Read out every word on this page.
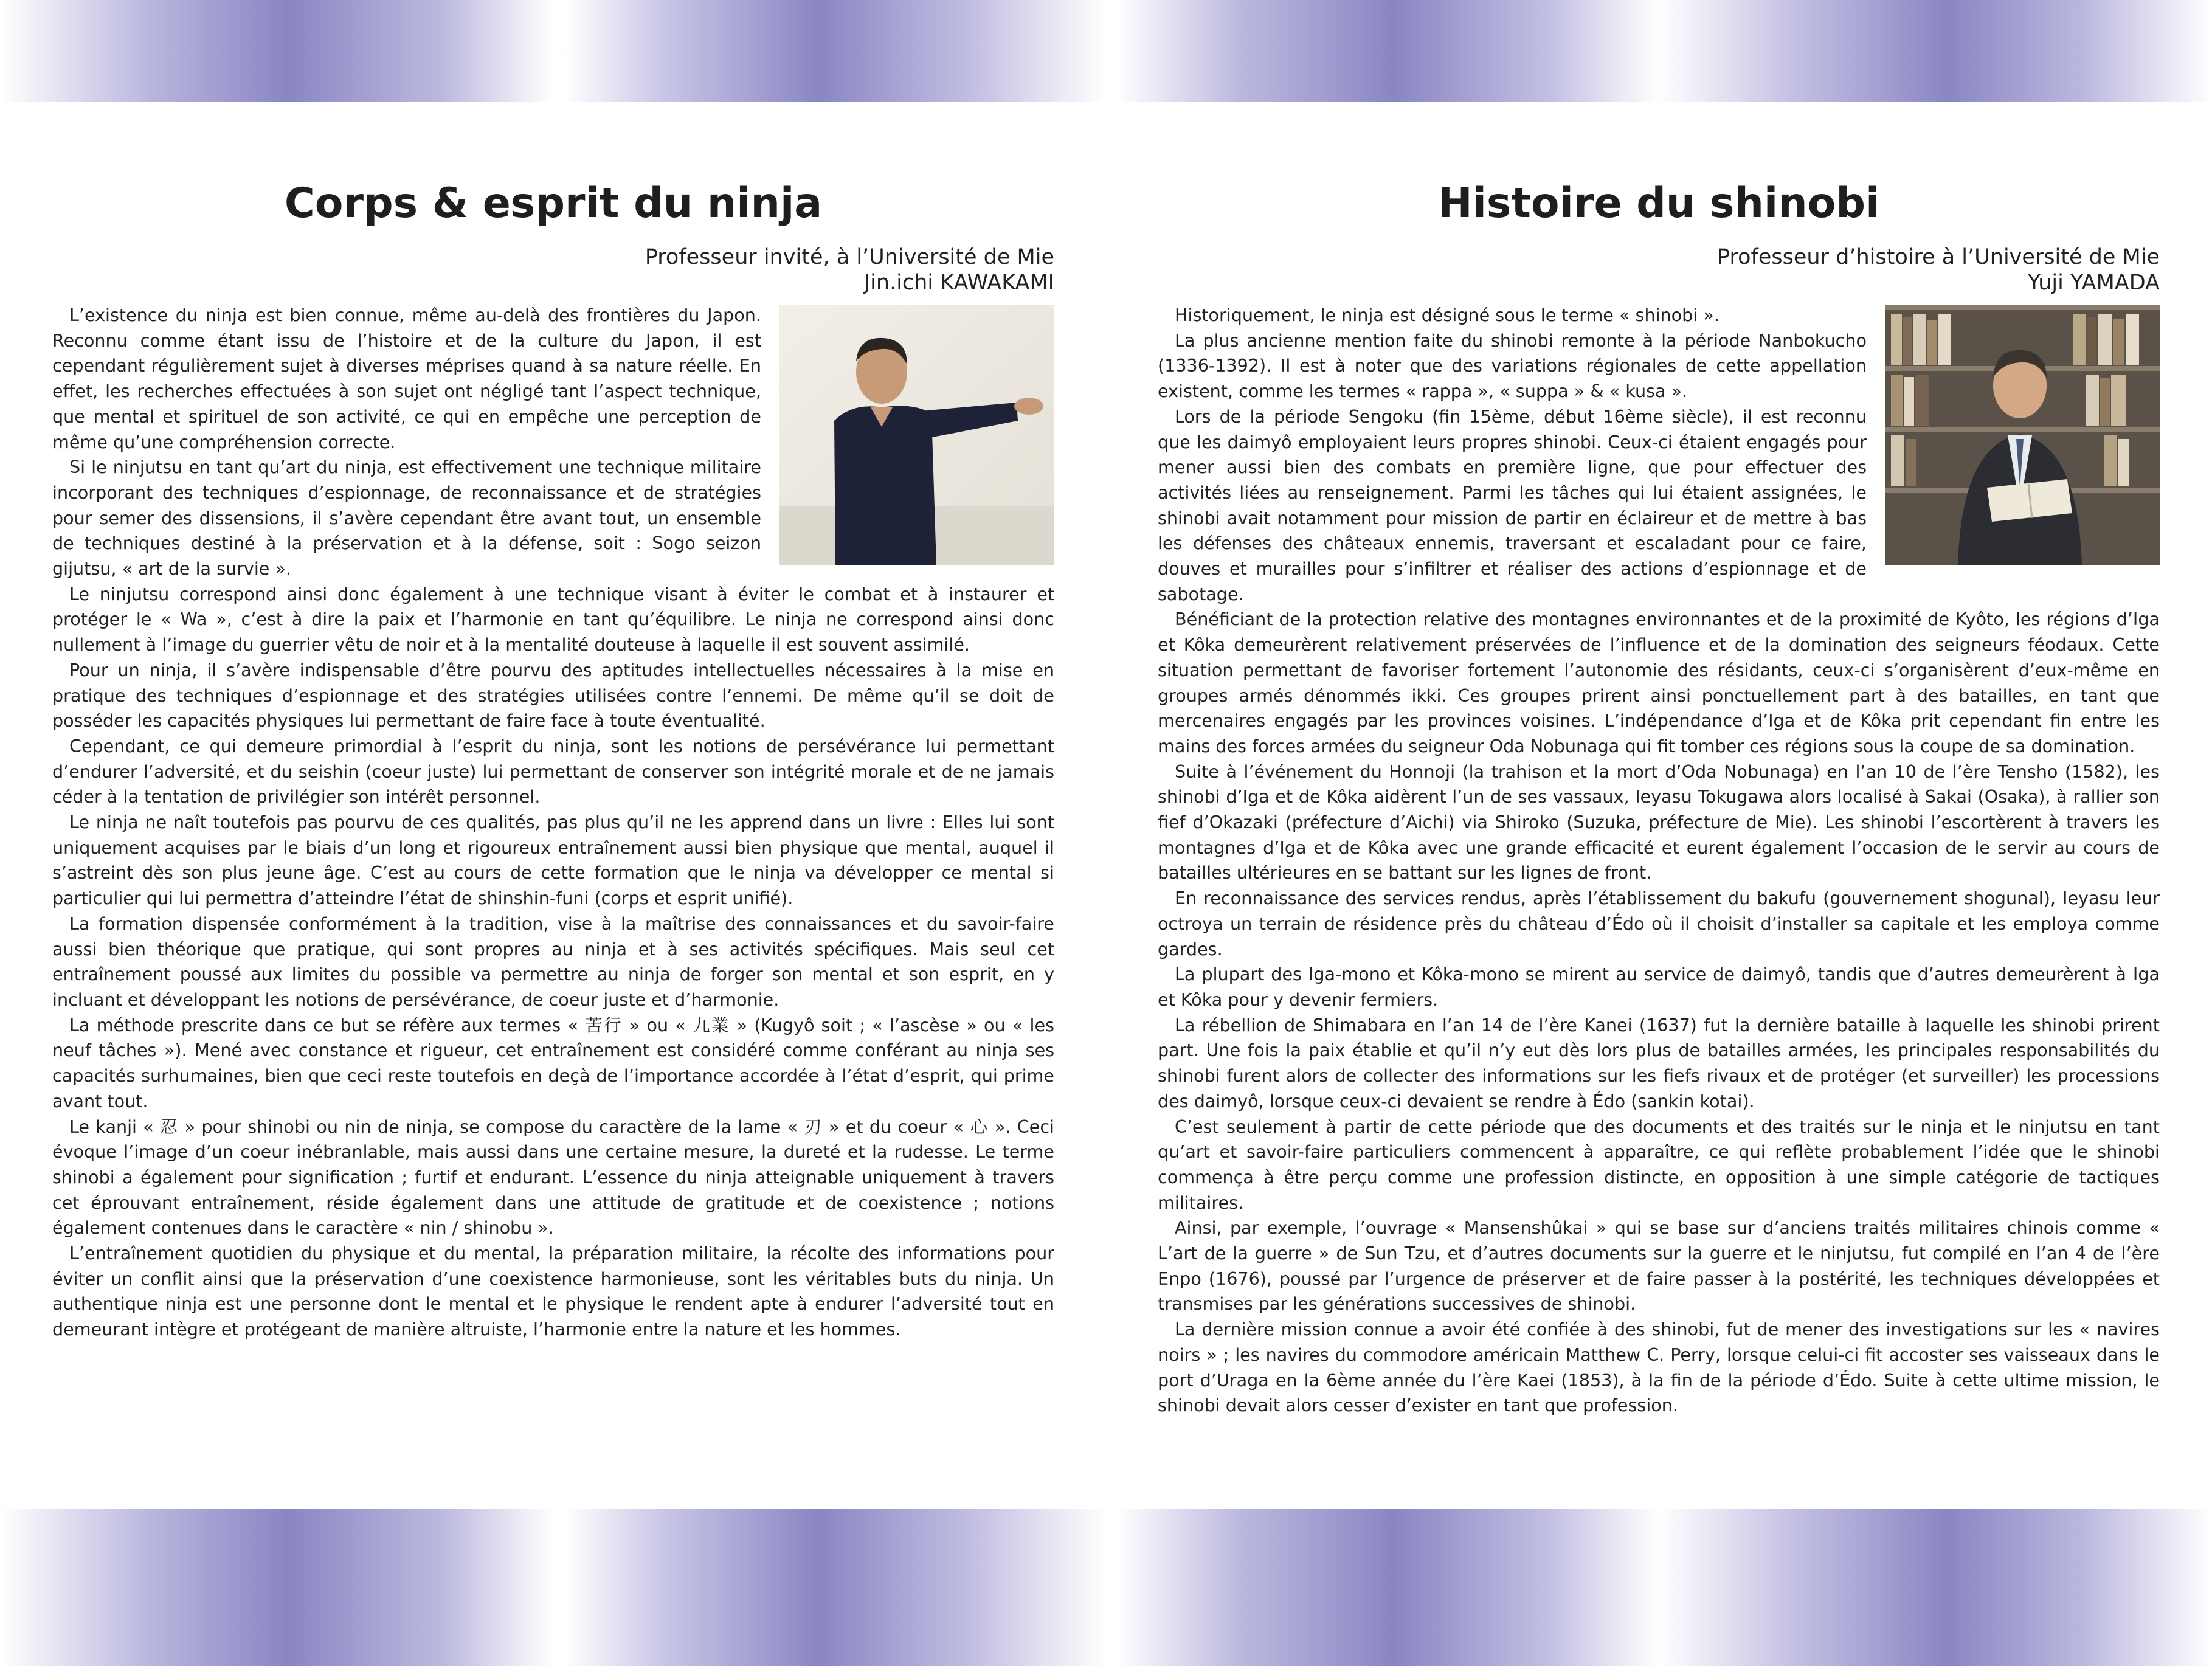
Corps & esprit du ninja
Professeur invité, à l’Université de Mie
Jin.ichi KAWAKAMI

L’existence du ninja est bien connue, même au-delà des frontières du Japon. Reconnu comme étant issu de l’histoire et de la culture du Japon, il est cependant régulièrement sujet à diverses méprises quand à sa nature réelle. En effet, les recherches effectuées à son sujet ont négligé tant l’aspect technique, que mental et spirituel de son activité, ce qui en empêche une perception de même qu’une compréhension correcte.

Si le ninjutsu en tant qu’art du ninja, est effectivement une technique militaire incorporant des techniques d’espionnage, de reconnaissance et de stratégies pour semer des dissensions, il s’avère cependant être avant tout, un ensemble de techniques destiné à la préservation et à la défense, soit : Sogo seizon gijutsu, « art de la survie ».

Le ninjutsu correspond ainsi donc également à une technique visant à éviter le combat et à instaurer et protéger le « Wa », c’est à dire la paix et l’harmonie en tant qu’équilibre. Le ninja ne correspond ainsi donc nullement à l’image du guerrier vêtu de noir et à la mentalité douteuse à laquelle il est souvent assimilé.

Pour un ninja, il s’avère indispensable d’être pourvu des aptitudes intellectuelles nécessaires à la mise en pratique des techniques d’espionnage et des stratégies utilisées contre l’ennemi. De même qu’il se doit de posséder les capacités physiques lui permettant de faire face à toute éventualité.

Cependant, ce qui demeure primordial à l’esprit du ninja, sont les notions de persévérance lui permettant d’endurer l’adversité, et du seishin (coeur juste) lui permettant de conserver son intégrité morale et de ne jamais céder à la tentation de privilégier son intérêt personnel.

Le ninja ne naît toutefois pas pourvu de ces qualités, pas plus qu’il ne les apprend dans un livre : Elles lui sont uniquement acquises par le biais d’un long et rigoureux entraînement aussi bien physique que mental, auquel il s’astreint dès son plus jeune âge. C’est au cours de cette formation que le ninja va développer ce mental si particulier qui lui permettra d’atteindre l’état de shinshin-funi (corps et esprit unifié).

La formation dispensée conformément à la tradition, vise à la maîtrise des connaissances et du savoir-faire aussi bien théorique que pratique, qui sont propres au ninja et à ses activités spécifiques. Mais seul cet entraînement poussé aux limites du possible va permettre au ninja de forger son mental et son esprit, en y incluant et développant les notions de persévérance, de coeur juste et d’harmonie.

La méthode prescrite dans ce but se réfère aux termes « 苦行 » ou « 九業 » (Kugyô soit ; « l’ascèse » ou « les neuf tâches »). Mené avec constance et rigueur, cet entraînement est considéré comme conférant au ninja ses capacités surhumaines, bien que ceci reste toutefois en deçà de l’importance accordée à l’état d’esprit, qui prime avant tout.

Le kanji « 忍 » pour shinobi ou nin de ninja, se compose du caractère de la lame « 刃 » et du coeur « 心 ». Ceci évoque l’image d’un coeur inébranlable, mais aussi dans une certaine mesure, la dureté et la rudesse. Le terme shinobi a également pour signification ; furtif et endurant. L’essence du ninja atteignable uniquement à travers cet éprouvant entraînement, réside également dans une attitude de gratitude et de coexistence ; notions également contenues dans le caractère « nin / shinobu ».

L’entraînement quotidien du physique et du mental, la préparation militaire, la récolte des informations pour éviter un conflit ainsi que la préservation d’une coexistence harmonieuse, sont les véritables buts du ninja. Un authentique ninja est une personne dont le mental et le physique le rendent apte à endurer l’adversité tout en demeurant intègre et protégeant de manière altruiste, l’harmonie entre la nature et les hommes.

Histoire du shinobi
Professeur d’histoire à l’Université de Mie
Yuji YAMADA

Historiquement, le ninja est désigné sous le terme « shinobi ».

La plus ancienne mention faite du shinobi remonte à la période Nanbokucho (1336-1392). Il est à noter que des variations régionales de cette appellation existent, comme les termes « rappa », « suppa » & « kusa ».

Lors de la période Sengoku (fin 15ème, début 16ème siècle), il est reconnu que les daimyô employaient leurs propres shinobi. Ceux-ci étaient engagés pour mener aussi bien des combats en première ligne, que pour effectuer des activités liées au renseignement. Parmi les tâches qui lui étaient assignées, le shinobi avait notamment pour mission de partir en éclaireur et de mettre à bas les défenses des châteaux ennemis, traversant et escaladant pour ce faire, douves et murailles pour s’infiltrer et réaliser des actions d’espionnage et de sabotage.

Bénéficiant de la protection relative des montagnes environnantes et de la proximité de Kyôto, les régions d’Iga et Kôka demeurèrent relativement préservées de l’influence et de la domination des seigneurs féodaux. Cette situation permettant de favoriser fortement l’autonomie des résidants, ceux-ci s’organisèrent d’eux-même en groupes armés dénommés ikki. Ces groupes prirent ainsi ponctuellement part à des batailles, en tant que mercenaires engagés par les provinces voisines. L’indépendance d’Iga et de Kôka prit cependant fin entre les mains des forces armées du seigneur Oda Nobunaga qui fit tomber ces régions sous la coupe de sa domination.

Suite à l’événement du Honnoji (la trahison et la mort d’Oda Nobunaga) en l’an 10 de l’ère Tensho (1582), les shinobi d’Iga et de Kôka aidèrent l’un de ses vassaux, Ieyasu Tokugawa alors localisé à Sakai (Osaka), à rallier son fief d’Okazaki (préfecture d’Aichi) via Shiroko (Suzuka, préfecture de Mie). Les shinobi l’escortèrent à travers les montagnes d’Iga et de Kôka avec une grande efficacité et eurent également l’occasion de le servir au cours de batailles ultérieures en se battant sur les lignes de front.

En reconnaissance des services rendus, après l’établissement du bakufu (gouvernement shogunal), Ieyasu leur octroya un terrain de résidence près du château d’Édo où il choisit d’installer sa capitale et les employa comme gardes.

La plupart des Iga-mono et Kôka-mono se mirent au service de daimyô, tandis que d’autres demeurèrent à Iga et Kôka pour y devenir fermiers.

La rébellion de Shimabara en l’an 14 de l’ère Kanei (1637) fut la dernière bataille à laquelle les shinobi prirent part. Une fois la paix établie et qu’il n’y eut dès lors plus de batailles armées, les principales responsabilités du shinobi furent alors de collecter des informations sur les fiefs rivaux et de protéger (et surveiller) les processions des daimyô, lorsque ceux-ci devaient se rendre à Édo (sankin kotai).

C’est seulement à partir de cette période que des documents et des traités sur le ninja et le ninjutsu en tant qu’art et savoir-faire particuliers commencent à apparaître, ce qui reflète probablement l’idée que le shinobi commença à être perçu comme une profession distincte, en opposition à une simple catégorie de tactiques militaires.

Ainsi, par exemple, l’ouvrage « Mansenshûkai » qui se base sur d’anciens traités militaires chinois comme « L’art de la guerre » de Sun Tzu, et d’autres documents sur la guerre et le ninjutsu, fut compilé en l’an 4 de l’ère Enpo (1676), poussé par l’urgence de préserver et de faire passer à la postérité, les techniques développées et transmises par les générations successives de shinobi.

La dernière mission connue a avoir été confiée à des shinobi, fut de mener des investigations sur les « navires noirs » ; les navires du commodore américain Matthew C. Perry, lorsque celui-ci fit accoster ses vaisseaux dans le port d’Uraga en la 6ème année du l’ère Kaei (1853), à la fin de la période d’Édo. Suite à cette ultime mission, le shinobi devait alors cesser d’exister en tant que profession.
